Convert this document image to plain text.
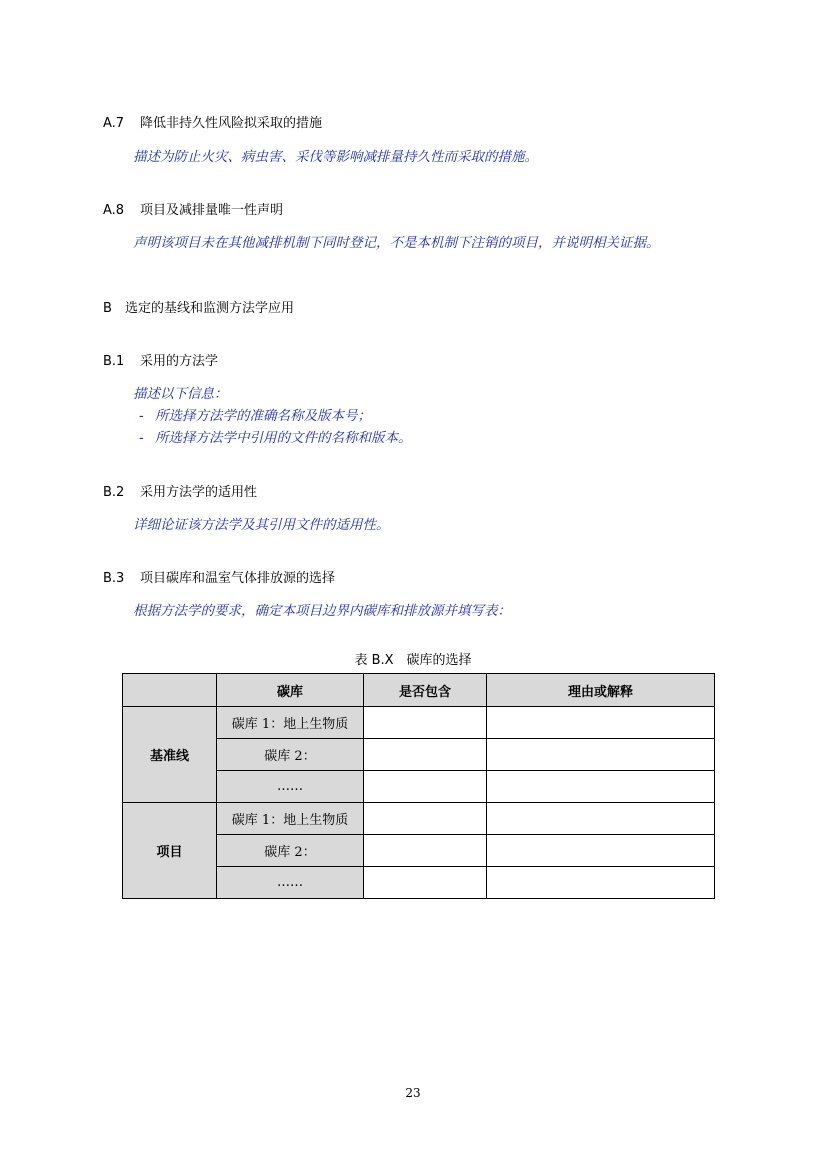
A.7 降低非持久性风险拟采取的措施
描述为防止火灾、病虫害、采伐等影响减排量持久性而采取的措施。
A.8 项目及减排量唯一性声明
声明该项目未在其他减排机制下同时登记，不是本机制下注销的项目，并说明相关证据。
B 选定的基线和监测方法学应用
B.1 采用的方法学
描述以下信息：
- 所选择方法学的准确名称及版本号；
- 所选择方法学中引用的文件的名称和版本。
B.2 采用方法学的适用性
详细论证该方法学及其引用文件的适用性。
B.3 项目碳库和温室气体排放源的选择
根据方法学的要求，确定本项目边界内碳库和排放源并填写表：
表 B.X　碳库的选择
	碳库	是否包含	理由或解释
基准线	碳库 1：地上生物质		
	碳库 2：		
	……		
项目	碳库 1：地上生物质		
	碳库 2：		
	……		
23
